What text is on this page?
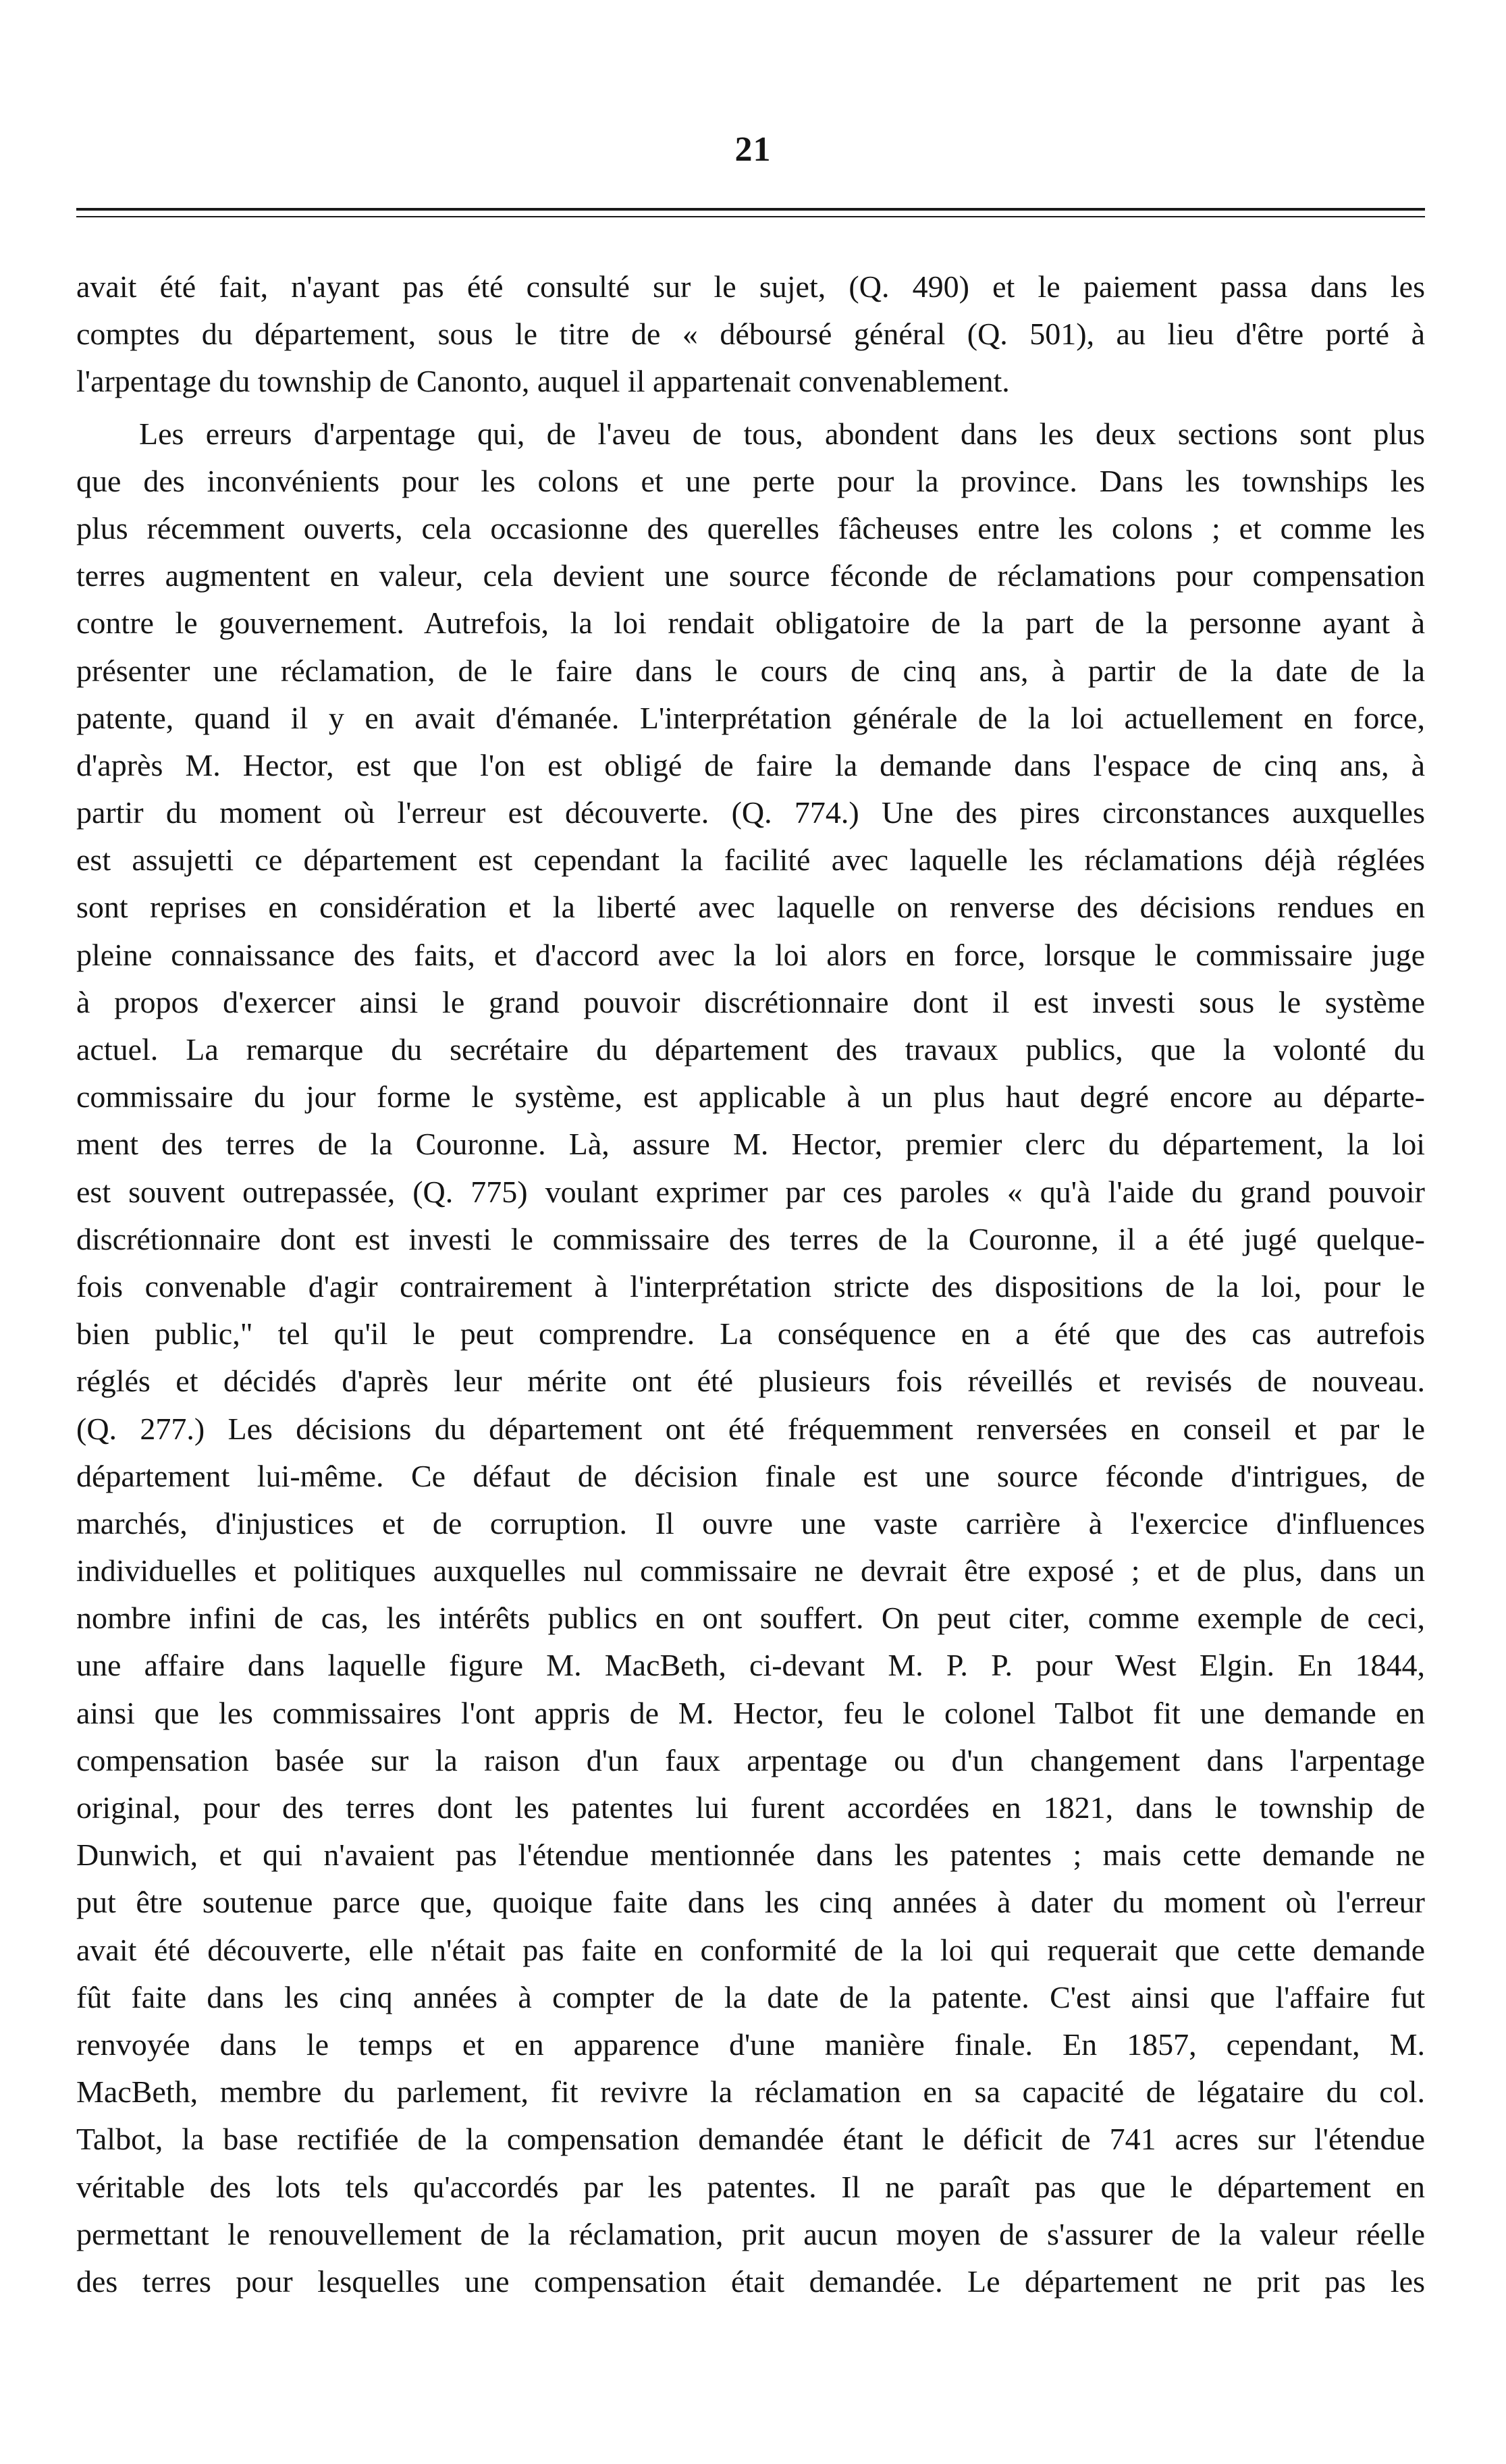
21
avait été fait, n'ayant pas été consulté sur le sujet, (Q. 490) et le paiement passa dans les
comptes du département, sous le titre de « déboursé général (Q. 501), au lieu d'être porté à
l'arpentage du township de Canonto, auquel il appartenait convenablement.
Les erreurs d'arpentage qui, de l'aveu de tous, abondent dans les deux sections sont plus
que des inconvénients pour les colons et une perte pour la province. Dans les townships les
plus récemment ouverts, cela occasionne des querelles fâcheuses entre les colons ; et comme les
terres augmentent en valeur, cela devient une source féconde de réclamations pour compensation
contre le gouvernement. Autrefois, la loi rendait obligatoire de la part de la personne ayant à
présenter une réclamation, de le faire dans le cours de cinq ans, à partir de la date de la
patente, quand il y en avait d'émanée. L'interprétation générale de la loi actuellement en force,
d'après M. Hector, est que l'on est obligé de faire la demande dans l'espace de cinq ans, à
partir du moment où l'erreur est découverte. (Q. 774.) Une des pires circonstances auxquelles
est assujetti ce département est cependant la facilité avec laquelle les réclamations déjà réglées
sont reprises en considération et la liberté avec laquelle on renverse des décisions rendues en
pleine connaissance des faits, et d'accord avec la loi alors en force, lorsque le commissaire juge
à propos d'exercer ainsi le grand pouvoir discrétionnaire dont il est investi sous le système
actuel. La remarque du secrétaire du département des travaux publics, que la volonté du
commissaire du jour forme le système, est applicable à un plus haut degré encore au départe-
ment des terres de la Couronne. Là, assure M. Hector, premier clerc du département, la loi
est souvent outrepassée, (Q. 775) voulant exprimer par ces paroles « qu'à l'aide du grand pouvoir
discrétionnaire dont est investi le commissaire des terres de la Couronne, il a été jugé quelque-
fois convenable d'agir contrairement à l'interprétation stricte des dispositions de la loi, pour le
bien public," tel qu'il le peut comprendre. La conséquence en a été que des cas autrefois
réglés et décidés d'après leur mérite ont été plusieurs fois réveillés et revisés de nouveau.
(Q. 277.) Les décisions du département ont été fréquemment renversées en conseil et par le
département lui-même. Ce défaut de décision finale est une source féconde d'intrigues, de
marchés, d'injustices et de corruption. Il ouvre une vaste carrière à l'exercice d'influences
individuelles et politiques auxquelles nul commissaire ne devrait être exposé ; et de plus, dans un
nombre infini de cas, les intérêts publics en ont souffert. On peut citer, comme exemple de ceci,
une affaire dans laquelle figure M. MacBeth, ci-devant M. P. P. pour West Elgin. En 1844,
ainsi que les commissaires l'ont appris de M. Hector, feu le colonel Talbot fit une demande en
compensation basée sur la raison d'un faux arpentage ou d'un changement dans l'arpentage
original, pour des terres dont les patentes lui furent accordées en 1821, dans le township de
Dunwich, et qui n'avaient pas l'étendue mentionnée dans les patentes ; mais cette demande ne
put être soutenue parce que, quoique faite dans les cinq années à dater du moment où l'erreur
avait été découverte, elle n'était pas faite en conformité de la loi qui requerait que cette demande
fût faite dans les cinq années à compter de la date de la patente. C'est ainsi que l'affaire fut
renvoyée dans le temps et en apparence d'une manière finale. En 1857, cependant, M.
MacBeth, membre du parlement, fit revivre la réclamation en sa capacité de légataire du col.
Talbot, la base rectifiée de la compensation demandée étant le déficit de 741 acres sur l'étendue
véritable des lots tels qu'accordés par les patentes. Il ne paraît pas que le département en
permettant le renouvellement de la réclamation, prit aucun moyen de s'assurer de la valeur réelle
des terres pour lesquelles une compensation était demandée. Le département ne prit pas les
